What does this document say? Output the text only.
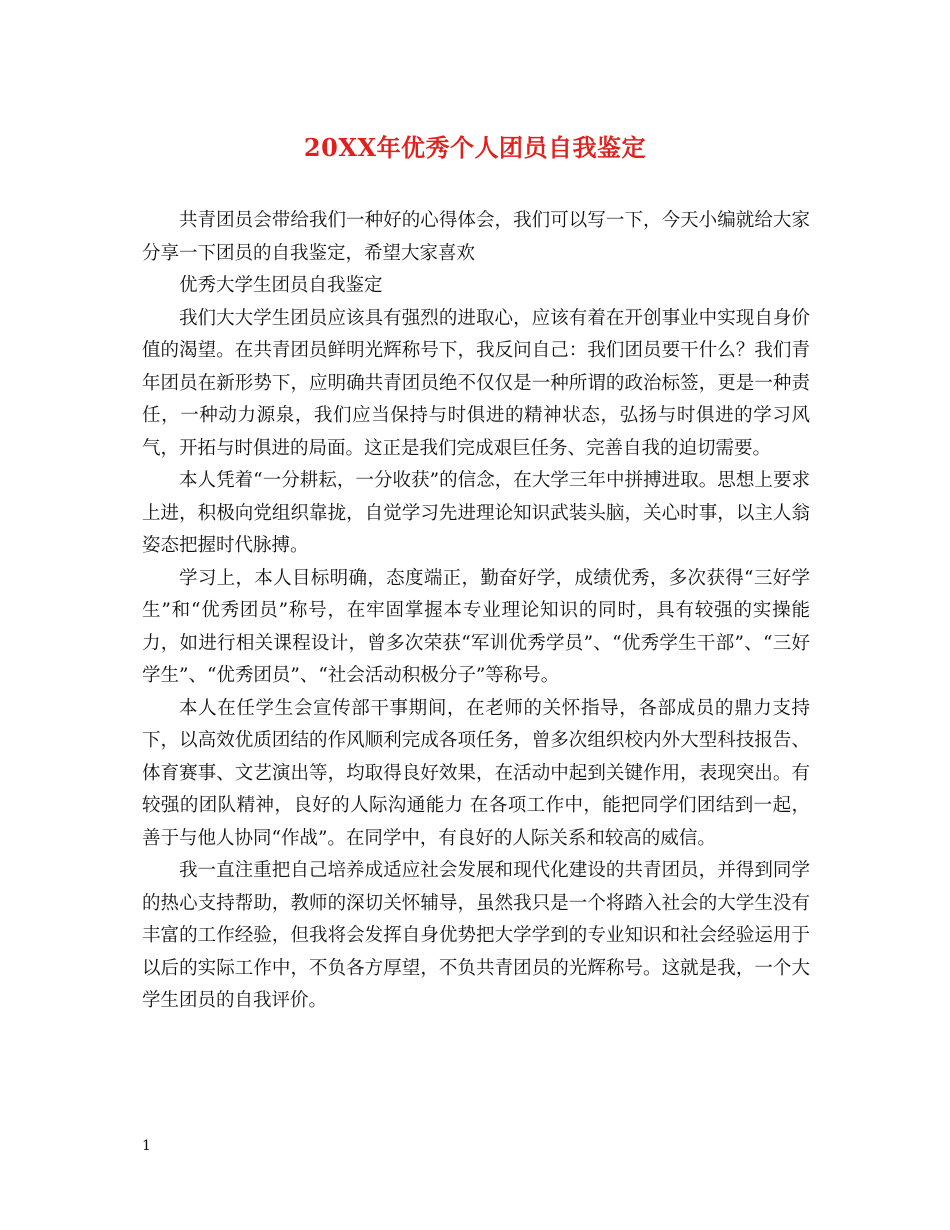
20XX年优秀个人团员自我鉴定

共青团员会带给我们一种好的心得体会，我们可以写一下，今天小编就给大家分享一下团员的自我鉴定，希望大家喜欢

优秀大学生团员自我鉴定

我们大大学生团员应该具有强烈的进取心，应该有着在开创事业中实现自身价值的渴望。在共青团员鲜明光辉称号下，我反问自己：我们团员要干什么？我们青年团员在新形势下，应明确共青团员绝不仅仅是一种所谓的政治标签，更是一种责任，一种动力源泉，我们应当保持与时俱进的精神状态，弘扬与时俱进的学习风气，开拓与时俱进的局面。这正是我们完成艰巨任务、完善自我的迫切需要。

本人凭着“一分耕耘，一分收获”的信念，在大学三年中拼搏进取。思想上要求上进，积极向党组织靠拢，自觉学习先进理论知识武装头脑，关心时事，以主人翁姿态把握时代脉搏。

学习上，本人目标明确，态度端正，勤奋好学，成绩优秀，多次获得“三好学生”和“优秀团员”称号，在牢固掌握本专业理论知识的同时，具有较强的实操能力，如进行相关课程设计，曾多次荣获“军训优秀学员”、“优秀学生干部”、“三好学生”、“优秀团员”、“社会活动积极分子”等称号。

本人在任学生会宣传部干事期间，在老师的关怀指导，各部成员的鼎力支持下，以高效优质团结的作风顺利完成各项任务，曾多次组织校内外大型科技报告、体育赛事、文艺演出等，均取得良好效果，在活动中起到关键作用，表现突出。有较强的团队精神，良好的人际沟通能力 在各项工作中，能把同学们团结到一起，善于与他人协同“作战”。在同学中，有良好的人际关系和较高的威信。

我一直注重把自己培养成适应社会发展和现代化建设的共青团员，并得到同学的热心支持帮助，教师的深切关怀辅导，虽然我只是一个将踏入社会的大学生没有丰富的工作经验，但我将会发挥自身优势把大学学到的专业知识和社会经验运用于以后的实际工作中，不负各方厚望，不负共青团员的光辉称号。这就是我，一个大学生团员的自我评价。

1
